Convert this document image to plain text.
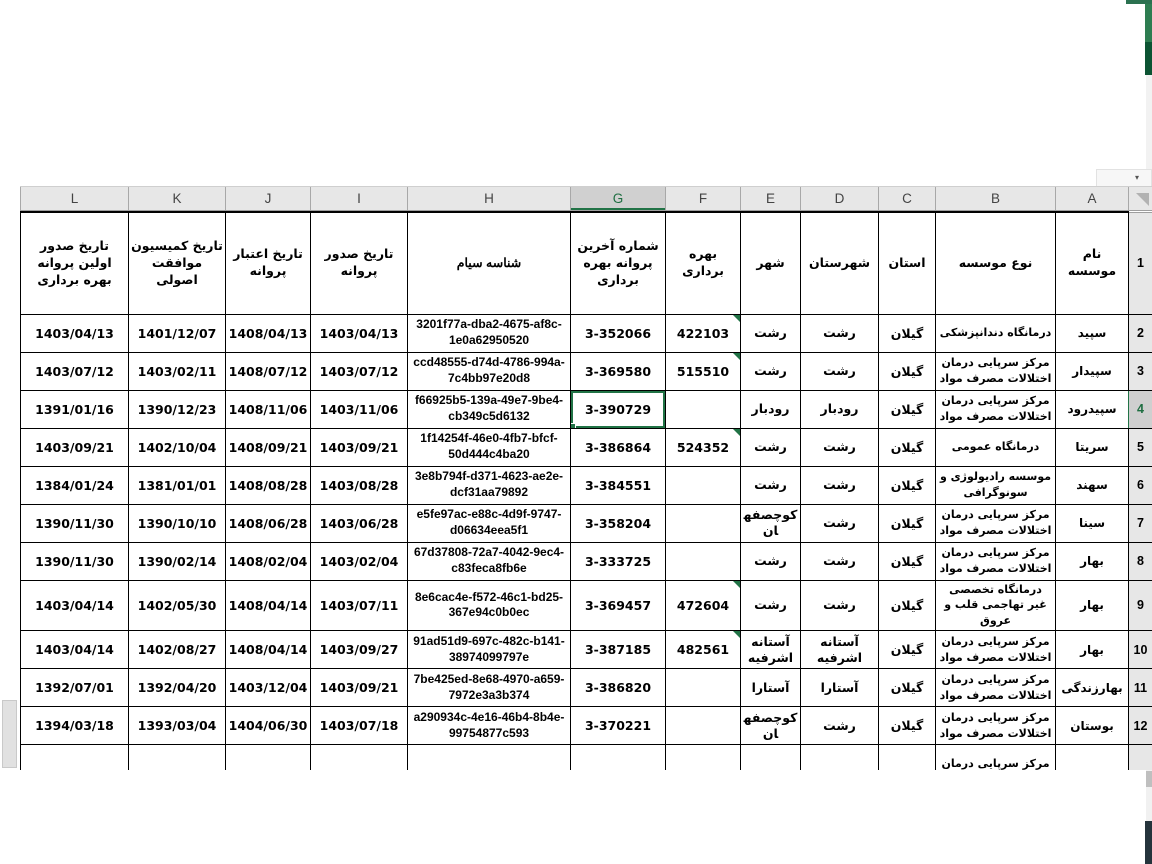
▾
A
B
C
D
E
F
G
H
I
J
K
L
1	نام موسسه	نوع موسسه	استان	شهرستان	شهر	بهره برداری	شماره آخرین پروانه بهره برداری	شناسه سیام	تاریخ صدور پروانه	تاریخ اعتبار پروانه	تاریخ کمیسیون موافقت اصولی	تاریخ صدور اولین پروانه بهره برداری
2	سپید	درمانگاه دندانپزشکی	گیلان	رشت	رشت	422103	3-352066	3201f77a-dba2-4675-af8c-1e0a62950520	1403/04/13	1408/04/13	1401/12/07	1403/04/13
3	سپیدار	مرکز سرپایی درمان اختلالات مصرف مواد	گیلان	رشت	رشت	515510	3-369580	ccd48555-d74d-4786-994a-7c4bb97e20d8	1403/07/12	1408/07/12	1403/02/11	1403/07/12
4	سپیدرود	مرکز سرپایی درمان اختلالات مصرف مواد	گیلان	رودبار	رودبار		3-390729	f66925b5-139a-49e7-9be4-cb349c5d6132	1403/11/06	1408/11/06	1390/12/23	1391/01/16
5	سریتا	درمانگاه عمومی	گیلان	رشت	رشت	524352	3-386864	1f14254f-46e0-4fb7-bfcf-50d444c4ba20	1403/09/21	1408/09/21	1402/10/04	1403/09/21
6	سهند	موسسه رادیولوژی و سونوگرافی	گیلان	رشت	رشت		3-384551	3e8b794f-d371-4623-ae2e-dcf31aa79892	1403/08/28	1408/08/28	1381/01/01	1384/01/24
7	سینا	مرکز سرپایی درمان اختلالات مصرف مواد	گیلان	رشت	کوچصفهان		3-358204	e5fe97ac-e88c-4d9f-9747-d06634eea5f1	1403/06/28	1408/06/28	1390/10/10	1390/11/30
8	بهار	مرکز سرپایی درمان اختلالات مصرف مواد	گیلان	رشت	رشت		3-333725	67d37808-72a7-4042-9ec4-c83feca8fb6e	1403/02/04	1408/02/04	1390/02/14	1390/11/30
9	بهار	درمانگاه تخصصی غیر تهاجمی قلب و عروق	گیلان	رشت	رشت	472604	3-369457	8e6cac4e-f572-46c1-bd25-367e94c0b0ec	1403/07/11	1408/04/14	1402/05/30	1403/04/14
10	بهار	مرکز سرپایی درمان اختلالات مصرف مواد	گیلان	آستانه اشرفیه	آستانه اشرفیه	482561	3-387185	91ad51d9-697c-482c-b141-38974099797e	1403/09/27	1408/04/14	1402/08/27	1403/04/14
11	بهارزندگی	مرکز سرپایی درمان اختلالات مصرف مواد	گیلان	آستارا	آستارا		3-386820	7be425ed-8e68-4970-a659-7972e3a3b374	1403/09/21	1403/12/04	1392/04/20	1392/07/01
12	بوستان	مرکز سرپایی درمان اختلالات مصرف مواد	گیلان	رشت	کوچصفهان		3-370221	a290934c-4e16-46b4-8b4e-99754877c593	1403/07/18	1404/06/30	1393/03/04	1394/03/18
		مرکز سرپایی درمان										
